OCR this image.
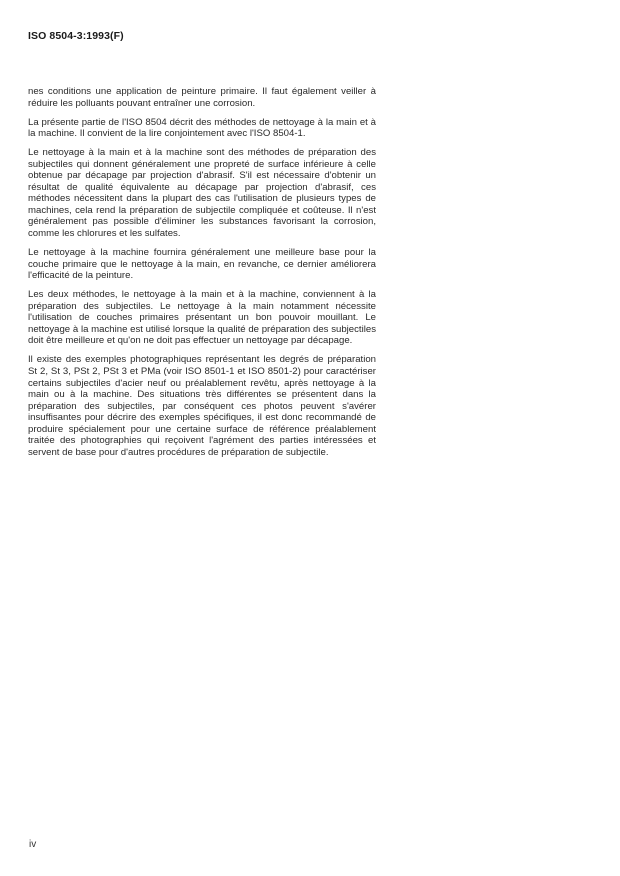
ISO 8504-3:1993(F)

nes conditions une application de peinture primaire. Il faut également veiller à réduire les polluants pouvant entraîner une corrosion.

La présente partie de l'ISO 8504 décrit des méthodes de nettoyage à la main et à la machine. Il convient de la lire conjointement avec l'ISO 8504-1.

Le nettoyage à la main et à la machine sont des méthodes de préparation des subjectiles qui donnent généralement une propreté de surface inférieure à celle obtenue par décapage par projection d'abrasif. S'il est nécessaire d'obtenir un résultat de qualité équivalente au décapage par projection d'abrasif, ces méthodes nécessitent dans la plupart des cas l'utilisation de plusieurs types de machines, cela rend la préparation de subjectile compliquée et coûteuse. Il n'est généralement pas possible d'éliminer les substances favorisant la corrosion, comme les chlorures et les sulfates.

Le nettoyage à la machine fournira généralement une meilleure base pour la couche primaire que le nettoyage à la main, en revanche, ce dernier améliorera l'efficacité de la peinture.

Les deux méthodes, le nettoyage à la main et à la machine, conviennent à la préparation des subjectiles. Le nettoyage à la main notamment nécessite l'utilisation de couches primaires présentant un bon pouvoir mouillant. Le nettoyage à la machine est utilisé lorsque la qualité de préparation des subjectiles doit être meilleure et qu'on ne doit pas effectuer un nettoyage par décapage.

Il existe des exemples photographiques représentant les degrés de préparation St 2, St 3, PSt 2, PSt 3 et PMa (voir ISO 8501-1 et ISO 8501-2) pour caractériser certains subjectiles d'acier neuf ou préalablement revêtu, après nettoyage à la main ou à la machine. Des situations très différentes se présentent dans la préparation des subjectiles, par conséquent ces photos peuvent s'avérer insuffisantes pour décrire des exemples spécifiques, il est donc recommandé de produire spécialement pour une certaine surface de référence préalablement traitée des photographies qui reçoivent l'agrément des parties intéressées et servent de base pour d'autres procédures de préparation de subjectile.

iv
